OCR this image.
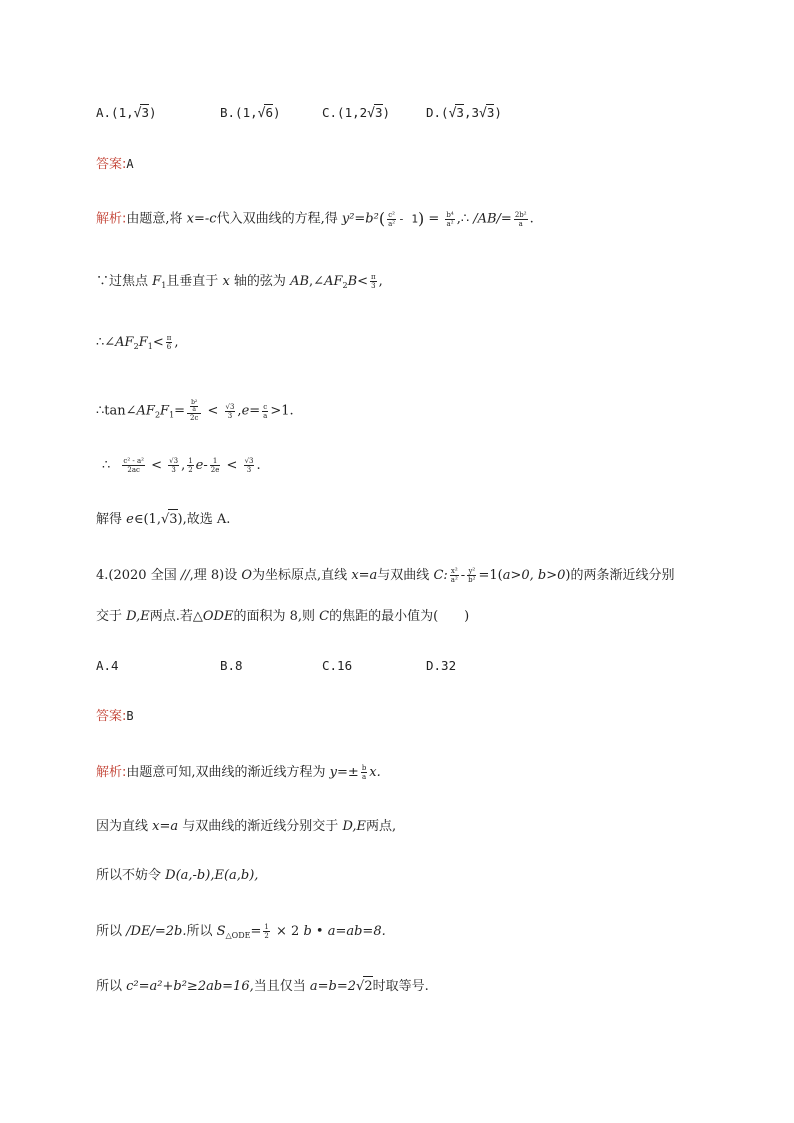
A.(1,√3)	B.(1,√6)	C.(1,2√3)	D.(√3,3√3)
答案:A
解析:由题意,将 x=-c代入双曲线的方程,得 $y^2=b^2( \frac{\text{c²}}{\text{a²}} - 1) = \frac{\text{b⁴}}{\text{a²}}$ ,∴ $/AB/= \frac{\text{2b²}}{a}$ .
∵过焦点 $F_1$且垂直于 x 轴的弦为 $AB,\angle AF_2B< \frac{\pi}{3}$ ,
$\therefore\angle AF_2F_1< \frac{\pi}{6}$ ,
$\therefore\tan\angle AF_2F_1= \frac{\frac{\text{b²}}{a}}{2c} < \frac{√3}{3} ,e= \frac{c}{a} >1$.
∴ $\frac{\text{c² - a²}}{2ac} < \frac{√3}{3}$ , $\frac{1}{2} e- \frac{1}{2e} < \frac{√3}{3}$ .
解得 e∈(1,√3),故选 A.
4.(2020 全国 //,理 8)设 O为坐标原点,直线 x=a与双曲线 C: $\frac{\text{x²}}{\text{a²}} - \frac{\text{y²}}{\text{b²}} =1(a>0$, b>0)的两条渐近线分别
交于 D,E两点.若△ODE的面积为 8,则 C的焦距的最小值为(　　)
A.4	B.8	C.16	D.32
答案:B
解析:由题意可知,双曲线的渐近线方程为 $y=\pm \frac{b}{a} x$.
因为直线 x=a 与双曲线的渐近线分别交于 D,E两点,
所以不妨令 D(a,-b),E(a,b),
所以 /DE/=2b.所以 $S_{\triangle ODE}= \frac{1}{2} \times 2$ b • a=ab=8.
所以 c²=a²+b²≥2ab=16,当且仅当 a=b=2√2时取等号.
